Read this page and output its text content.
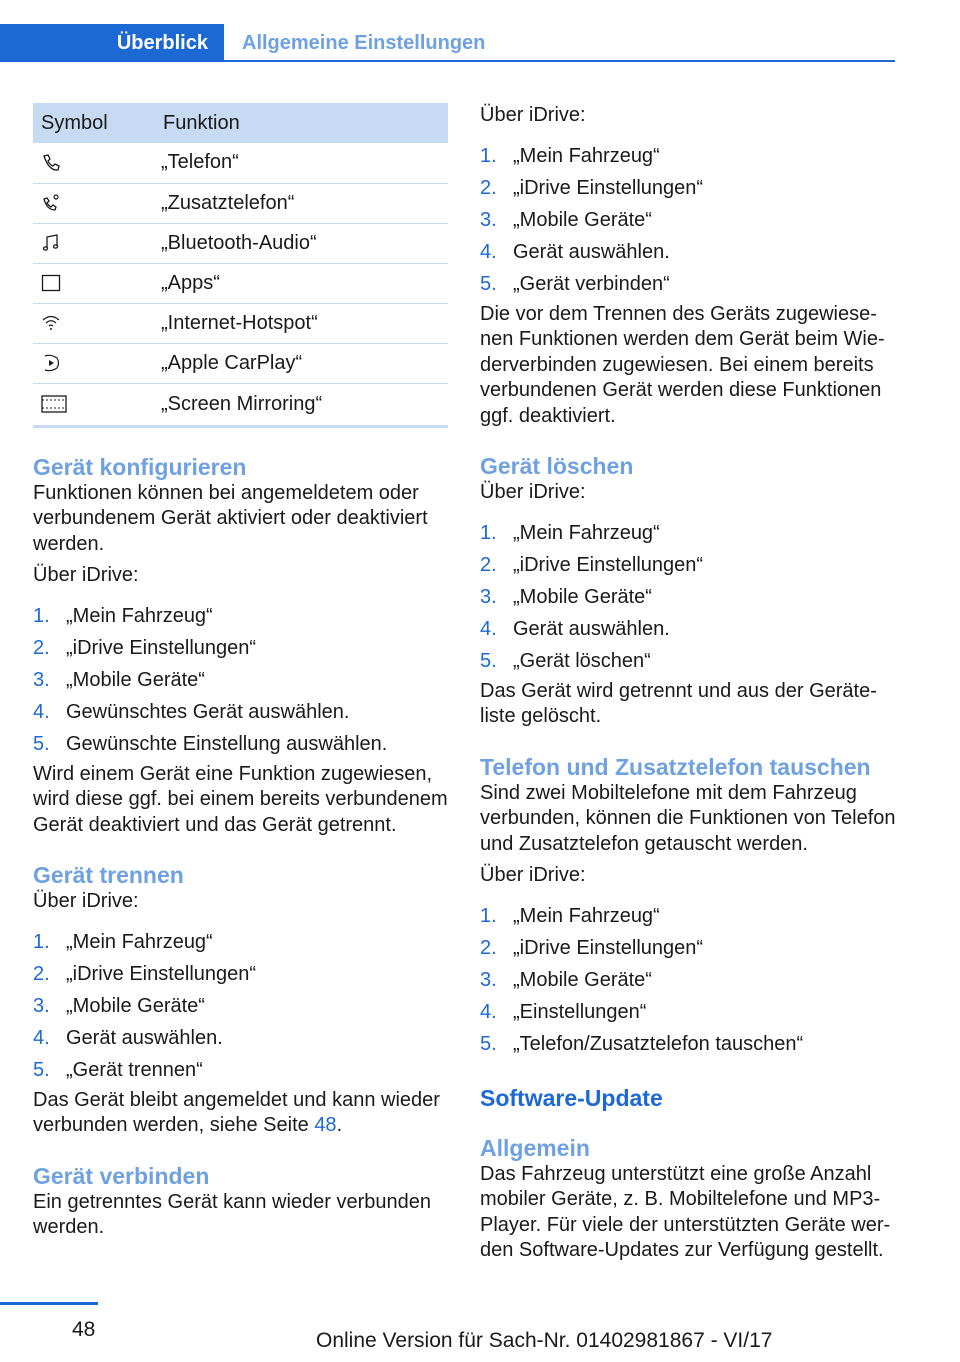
Überblick	Allgemeine Einstellungen
Symbol	Funktion

	„Telefon“

	„Zusatztelefon“

	„Bluetooth-Audio“

	„Apps“

	„Internet-Hotspot“

	„Apple CarPlay“

	„Screen Mirroring“
Gerät konfigurieren

Funktionen können bei angemeldetem oder verbundenem Gerät aktiviert oder deaktiviert werden.

Über iDrive:

1. „Mein Fahrzeug“
2. „iDrive Einstellungen“
3. „Mobile Geräte“
4. Gewünschtes Gerät auswählen.
5. Gewünschte Einstellung auswählen.

Wird einem Gerät eine Funktion zugewiesen, wird diese ggf. bei einem bereits verbundenem Gerät deaktiviert und das Gerät getrennt.

Gerät trennen

Über iDrive:

1. „Mein Fahrzeug“
2. „iDrive Einstellungen“
3. „Mobile Geräte“
4. Gerät auswählen.
5. „Gerät trennen“

Das Gerät bleibt angemeldet und kann wieder verbunden werden, siehe Seite 48.

Gerät verbinden

Ein getrenntes Gerät kann wieder verbunden werden.

Über iDrive:

1. „Mein Fahrzeug“
2. „iDrive Einstellungen“
3. „Mobile Geräte“
4. Gerät auswählen.
5. „Gerät verbinden“

Die vor dem Trennen des Geräts zugewiesenen Funktionen werden dem Gerät beim Wiederverbinden zugewiesen. Bei einem bereits verbundenen Gerät werden diese Funktionen ggf. deaktiviert.

Gerät löschen

Über iDrive:

1. „Mein Fahrzeug“
2. „iDrive Einstellungen“
3. „Mobile Geräte“
4. Gerät auswählen.
5. „Gerät löschen“

Das Gerät wird getrennt und aus der Geräteliste gelöscht.

Telefon und Zusatztelefon tauschen

Sind zwei Mobiltelefone mit dem Fahrzeug verbunden, können die Funktionen von Telefon und Zusatztelefon getauscht werden.

Über iDrive:

1. „Mein Fahrzeug“
2. „iDrive Einstellungen“
3. „Mobile Geräte“
4. „Einstellungen“
5. „Telefon/Zusatztelefon tauschen“
Software-Update
Allgemein

Das Fahrzeug unterstützt eine große Anzahl mobiler Geräte, z. B. Mobiltelefone und MP3-Player. Für viele der unterstützten Geräte werden Software-Updates zur Verfügung gestellt.

48	Online Version für Sach-Nr. 01402981867 - VI/17
